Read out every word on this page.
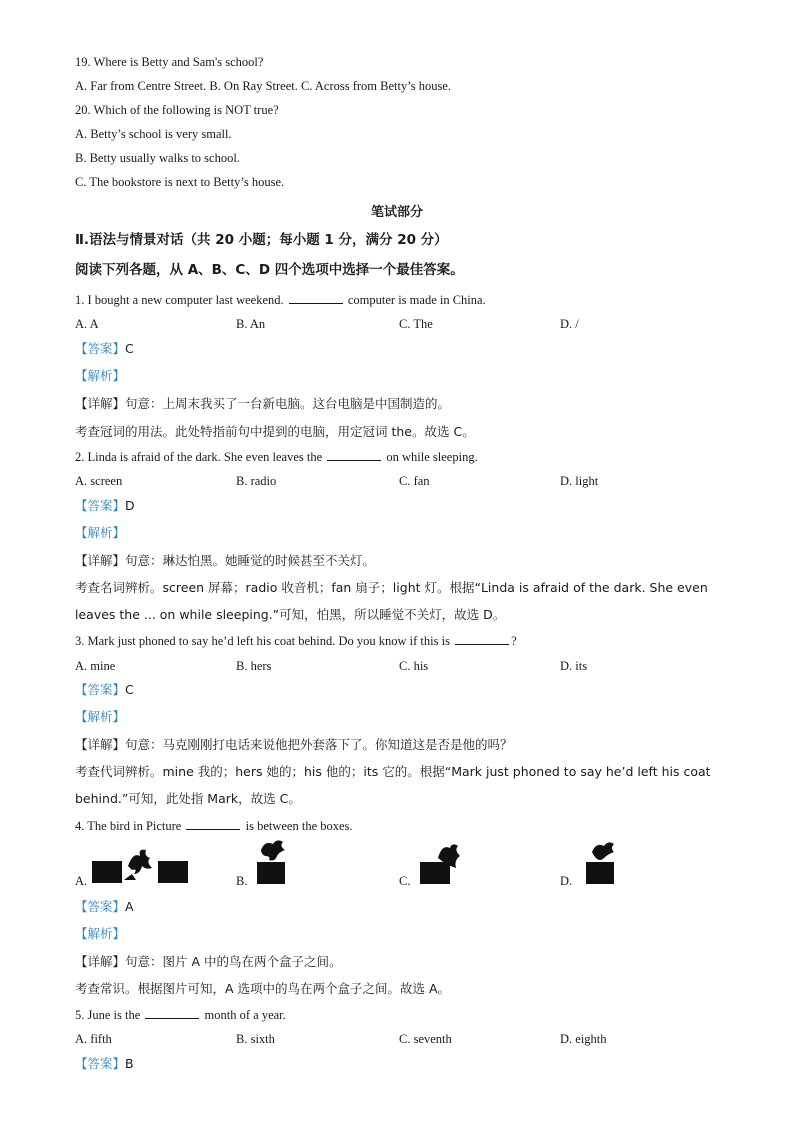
19. Where is Betty and Sam's school?
A. Far from Centre Street. B. On Ray Street. C. Across from Betty’s house.
20. Which of the following is NOT true?
A. Betty’s school is very small.
B. Betty usually walks to school.
C. The bookstore is next to Betty’s house.
笔试部分
Ⅱ.语法与情景对话（共 20 小题；每小题 1 分，满分 20 分）
阅读下列各题，从 A、B、C、D 四个选项中选择一个最佳答案。
1. I bought a new computer last weekend.	computer is made in China.
A. A	B. An	C. The	D. /
【答案】C
【解析】
【详解】句意：上周末我买了一台新电脑。这台电脑是中国制造的。
考查冠词的用法。此处特指前句中提到的电脑，用定冠词 the。故选 C。
2. Linda is afraid of the dark. She even leaves the	on while sleeping.
A. screen	B. radio	C. fan	D. light
【答案】D
【解析】
【详解】句意：琳达怕黑。她睡觉的时候甚至不关灯。
考查名词辨析。screen 屏幕；radio 收音机；fan 扇子；light 灯。根据“Linda is afraid of the dark. She even
leaves the ... on while sleeping.”可知，怕黑，所以睡觉不关灯，故选 D。
3. Mark just phoned to say he’d left his coat behind. Do you know if this is	?
A. mine	B. hers	C. his	D. its
【答案】C
【解析】
【详解】句意：马克刚刚打电话来说他把外套落下了。你知道这是否是他的吗？
考查代词辨析。mine 我的；hers 她的；his 他的；its 它的。根据“Mark just phoned to say he’d left his coat
behind.”可知，此处指 Mark，故选 C。
4. The bird in Picture	is between the boxes.
A.	B.	C.	D.
【答案】A
【解析】
【详解】句意：图片 A 中的鸟在两个盒子之间。
考查常识。根据图片可知，A 选项中的鸟在两个盒子之间。故选 A。
5. June is the	month of a year.
A. fifth	B. sixth	C. seventh	D. eighth
【答案】B
